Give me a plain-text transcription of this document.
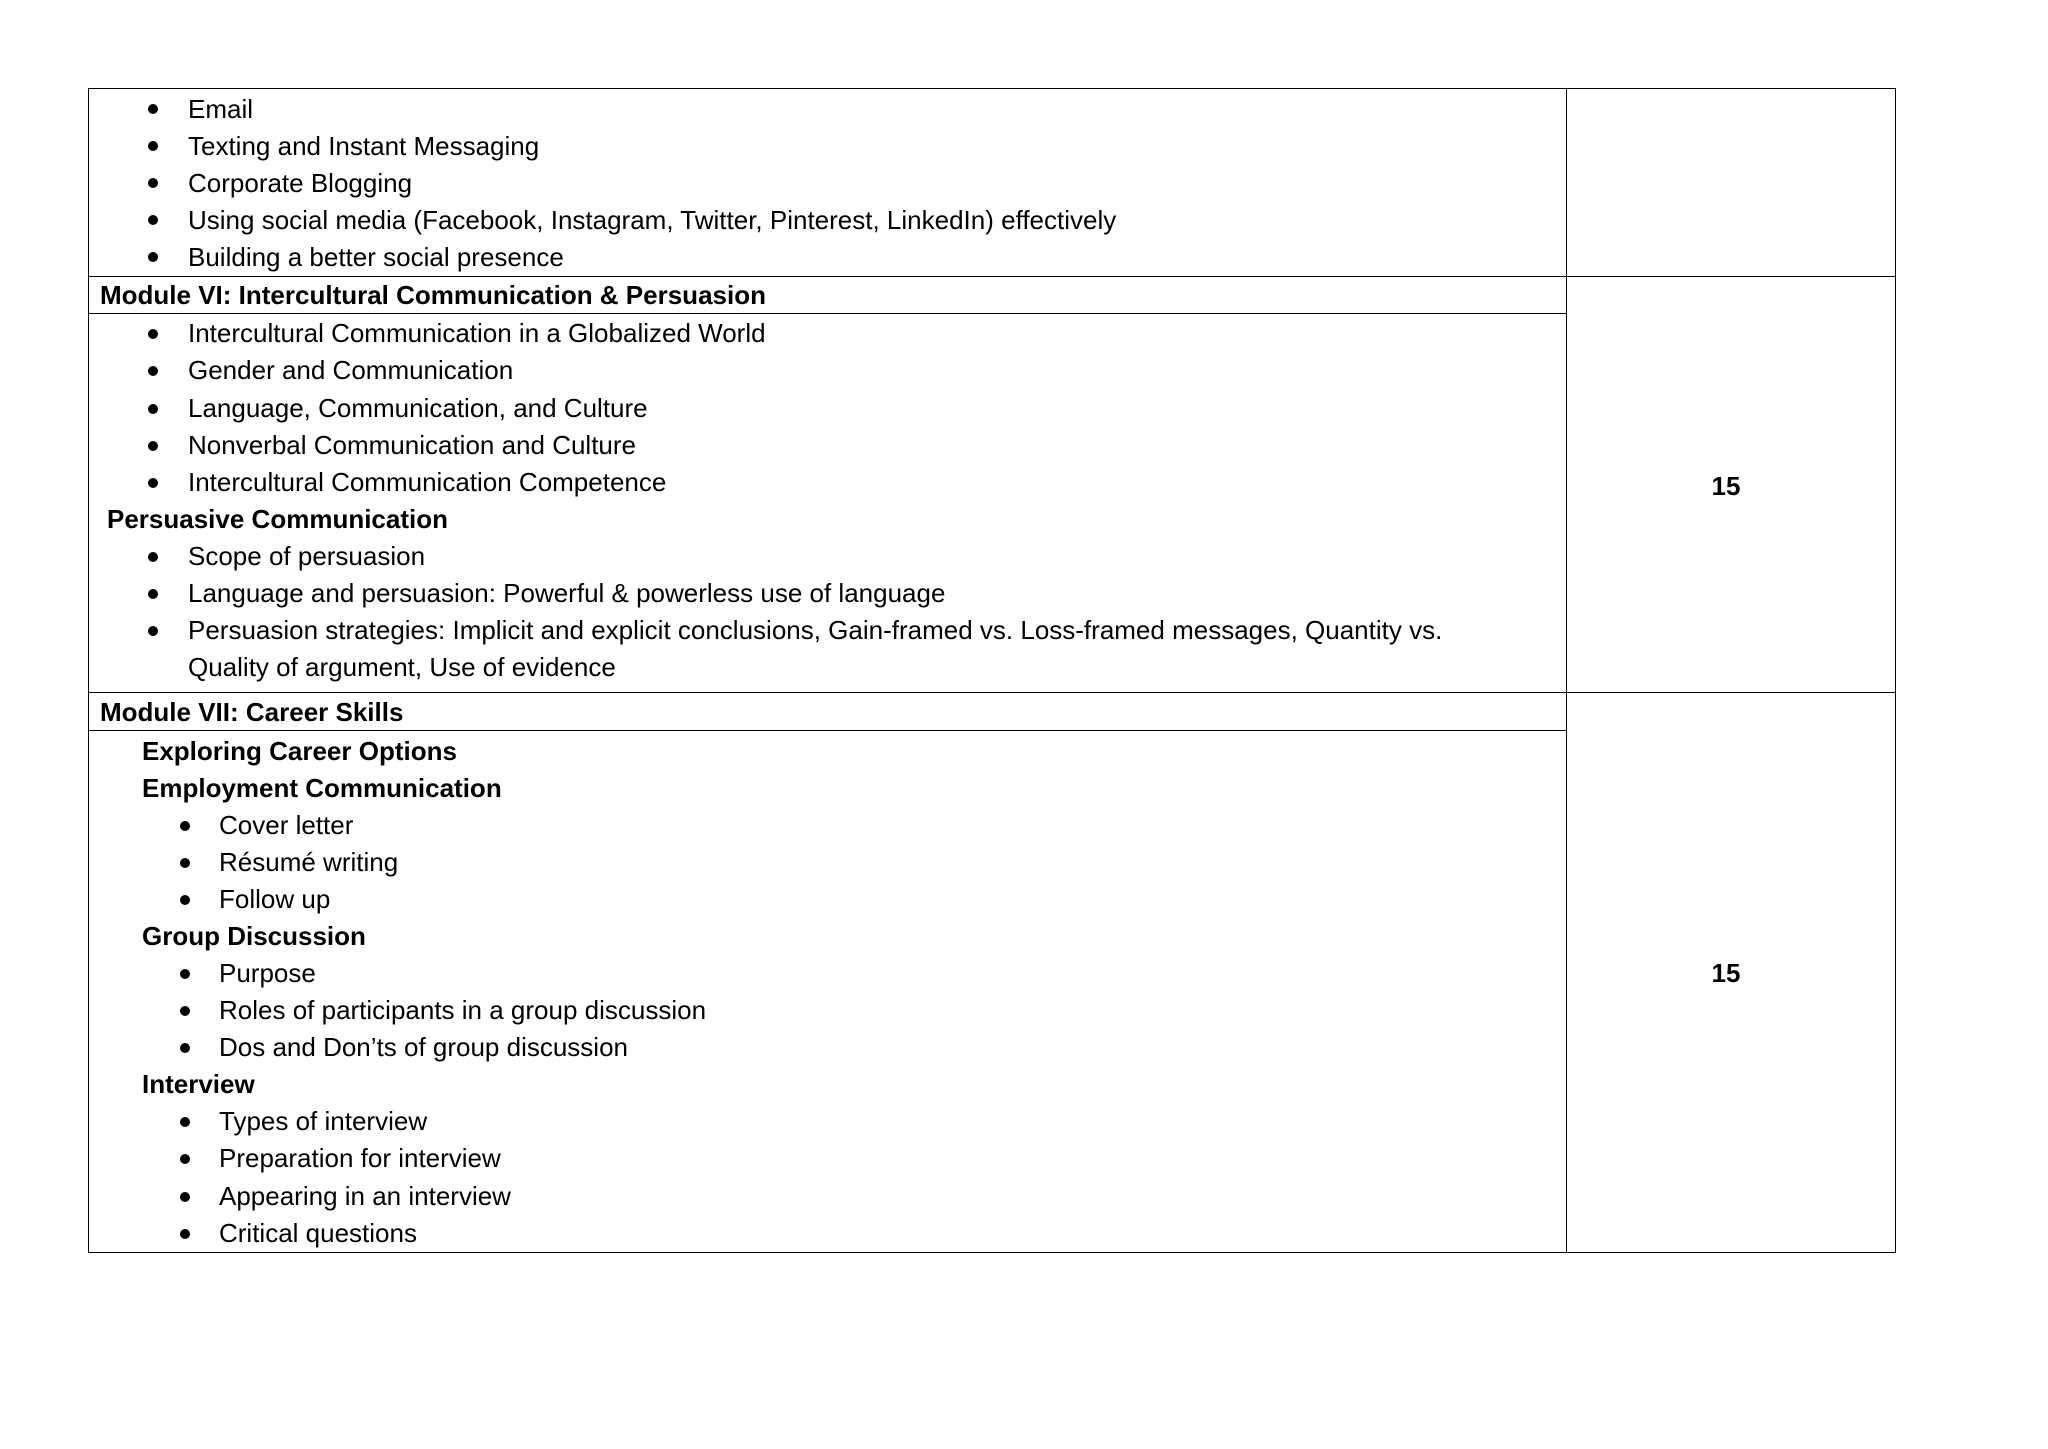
Email
Texting and Instant Messaging
Corporate Blogging
Using social media (Facebook, Instagram, Twitter, Pinterest, LinkedIn) effectively
Building a better social presence
Module VI: Intercultural Communication & Persuasion
Intercultural Communication in a Globalized World
Gender and Communication
Language, Communication, and Culture
Nonverbal Communication and Culture
Intercultural Communication Competence
Persuasive Communication
Scope of persuasion
Language and persuasion: Powerful & powerless use of language
Persuasion strategies: Implicit and explicit conclusions, Gain-framed vs. Loss-framed messages, Quantity vs.
Quality of argument, Use of evidence
15
Module VII: Career Skills
Exploring Career Options
Employment Communication
Cover letter
Résumé writing
Follow up
Group Discussion
Purpose
Roles of participants in a group discussion
Dos and Don’ts of group discussion
Interview
Types of interview
Preparation for interview
Appearing in an interview
Critical questions
15
